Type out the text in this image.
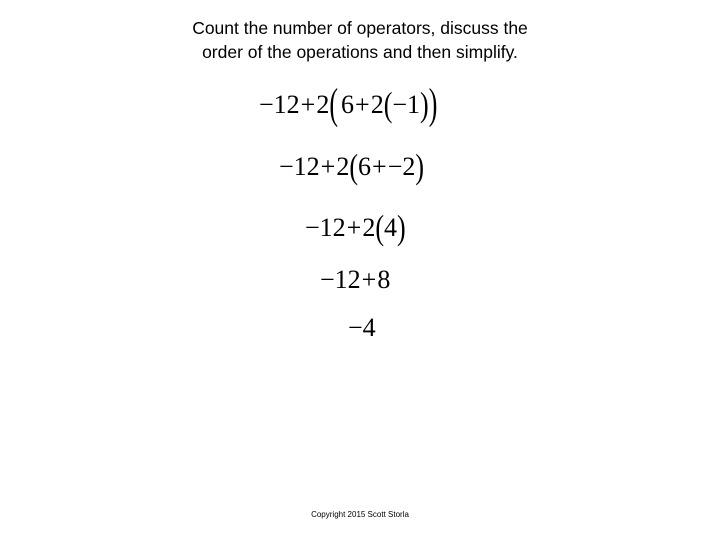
Count the number of operators, discuss the
order of the operations and then simplify.
−12 + 2 ( 6 + 2 ( −1 ) )
−12 + 2 ( 6 + −2 )
−12 + 2 ( 4 )
−12 + 8
−4
Copyright 2015 Scott Storla
